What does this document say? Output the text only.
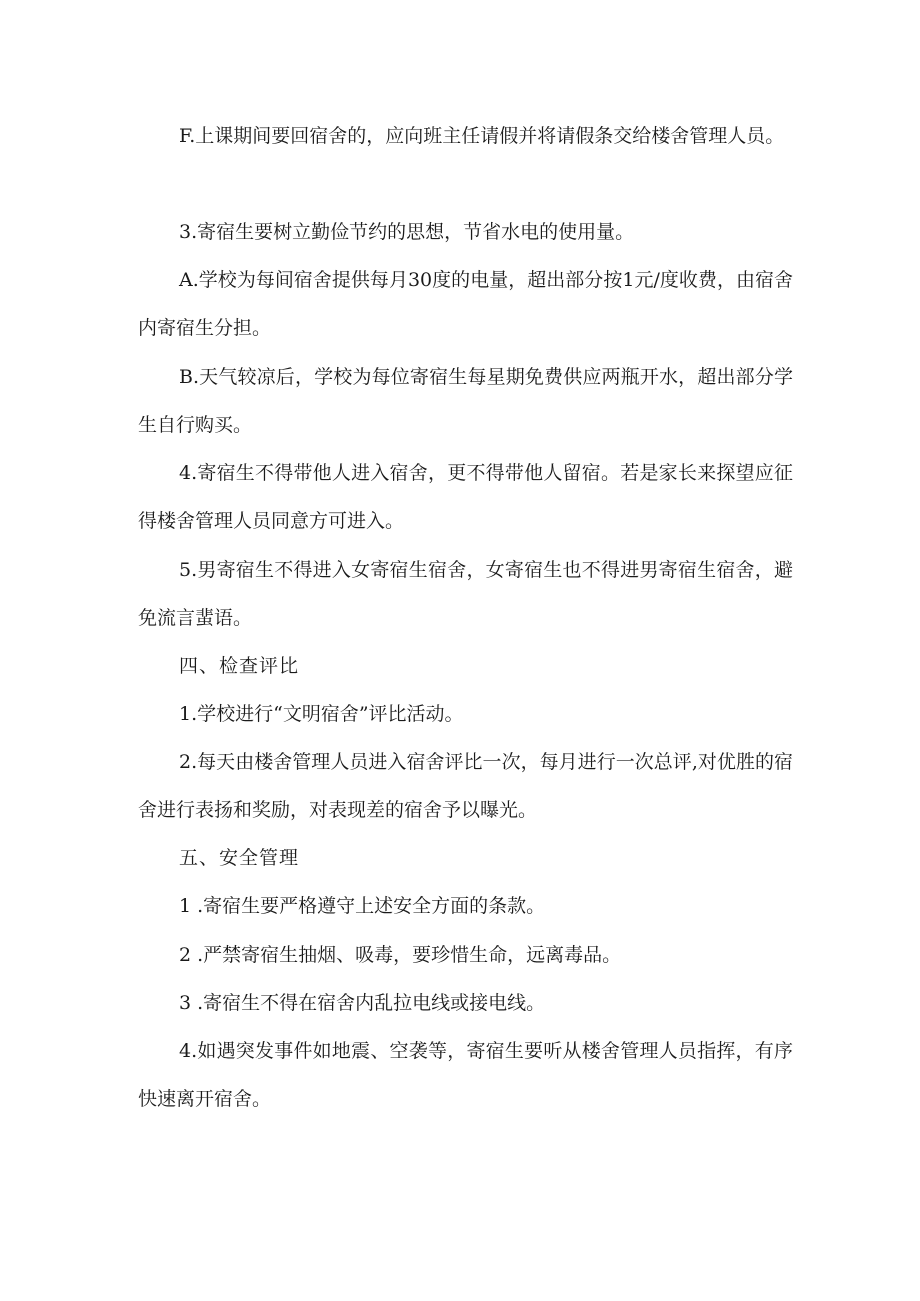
F.上课期间要回宿舍的，应向班主任请假并将请假条交给楼舍管理人员。

3.寄宿生要树立勤俭节约的思想，节省水电的使用量。

A.学校为每间宿舍提供每月30度的电量，超出部分按1元/度收费，由宿舍内寄宿生分担。

B.天气较凉后，学校为每位寄宿生每星期免费供应两瓶开水，超出部分学生自行购买。

4.寄宿生不得带他人进入宿舍，更不得带他人留宿。若是家长来探望应征得楼舍管理人员同意方可进入。

5.男寄宿生不得进入女寄宿生宿舍，女寄宿生也不得进男寄宿生宿舍，避免流言蜚语。

四、检查评比

1.学校进行“文明宿舍”评比活动。

2.每天由楼舍管理人员进入宿舍评比一次，每月进行一次总评,对优胜的宿舍进行表扬和奖励，对表现差的宿舍予以曝光。

五、安全管理

1 .寄宿生要严格遵守上述安全方面的条款。

2 .严禁寄宿生抽烟、吸毒，要珍惜生命，远离毒品。

3 .寄宿生不得在宿舍内乱拉电线或接电线。

4.如遇突发事件如地震、空袭等，寄宿生要听从楼舍管理人员指挥，有序快速离开宿舍。
